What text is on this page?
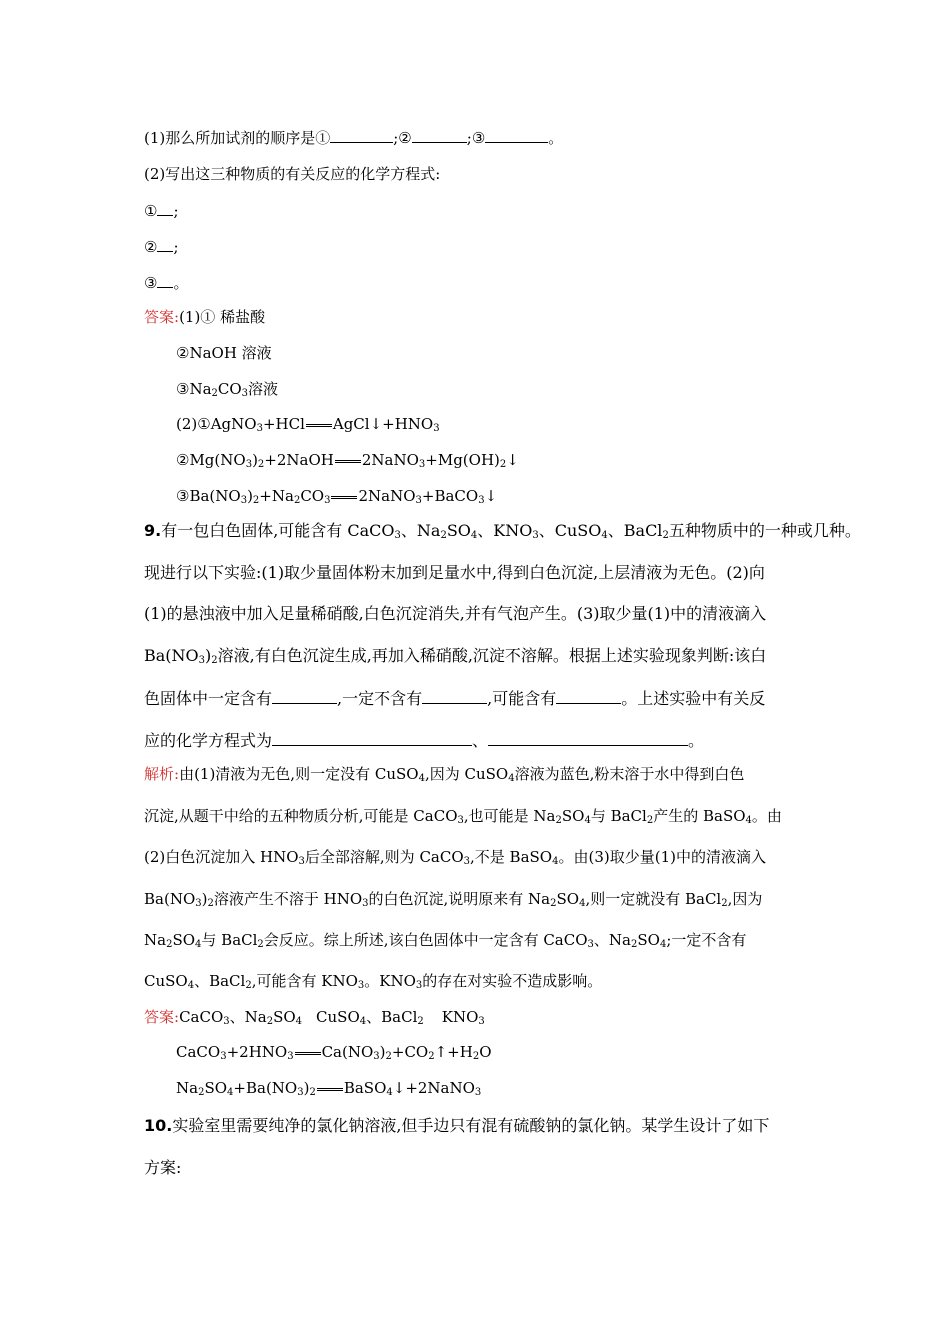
(1)那么所加试剂的顺序是①	;②	;③	。
(2)写出这三种物质的有关反应的化学方程式:
① ;
② ;
③ 。
答案:(1)① 稀盐酸
②NaOH 溶液
$③Na_2CO_3$溶液
(2)①AgNO$_3$+HCl $AgCl↓+HNO_3$
$②Mg(NO_3)_2+2NaOH$ $2NaNO_3+Mg(OH)_2↓$
$③Ba(NO_3)_2+Na_2CO_3$ 2NaNO$_3$+BaCO$_3$↓
9.有一包白色固体,可能含有 CaCO$_3$、$Na_2SO_4$、$KNO_3$、CuSO$_4$、BaCl$_2$五种物质中的一种或几种。
现进行以下实验:(1)取少量固体粉末加到足量水中,得到白色沉淀,上层清液为无色。(2)向
(1)的悬浊液中加入足量稀硝酸,白色沉淀消失,并有气泡产生。(3)取少量(1)中的清液滴入
$Ba(NO_3)_2$溶液,有白色沉淀生成,再加入稀硝酸,沉淀不溶解。根据上述实验现象判断:该白
色固体中一定含有	,一定不含有	,可能含有	。上述实验中有关反
应的化学方程式为	、	。
解析:由(1)清液为无色,则一定没有 CuSO$_4$,因为 CuSO$_4$溶液为蓝色,粉末溶于水中得到白色
沉淀,从题干中给的五种物质分析,可能是 CaCO$_3$,也可能是 $Na_2SO_4$与 BaCl$_2$产生的 BaSO$_4$。由
(2)白色沉淀加入 $HNO_3$后全部溶解,则为 CaCO$_3$,不是 BaSO$_4$。由(3)取少量(1)中的清液滴入
$Ba(NO_3)_2$溶液产生不溶于 $HNO_3$的白色沉淀,说明原来有 $Na_2SO_4$,则一定就没有 BaCl$_2$,因为
$Na_2SO_4$与 BaCl$_2$会反应。综上所述,该白色固体中一定含有 CaCO$_3$、$Na_2SO_4$;一定不含有
CuSO$_4$、BaCl$_2$,可能含有 $KNO_3$。$KNO_3$的存在对实验不造成影响。
答案:CaCO$_3$、$Na_2SO_4$ CuSO$_4$、BaCl$_2$ $KNO_3$
$CaCO_3+2HNO_3$ $Ca(NO_3)_2+CO_2↑+H_2O$
$Na_2SO_4+Ba(NO_3)_2$ BaSO$_4$↓+2NaNO$_3$
10.实验室里需要纯净的氯化钠溶液,但手边只有混有硫酸钠的氯化钠。某学生设计了如下
方案:
